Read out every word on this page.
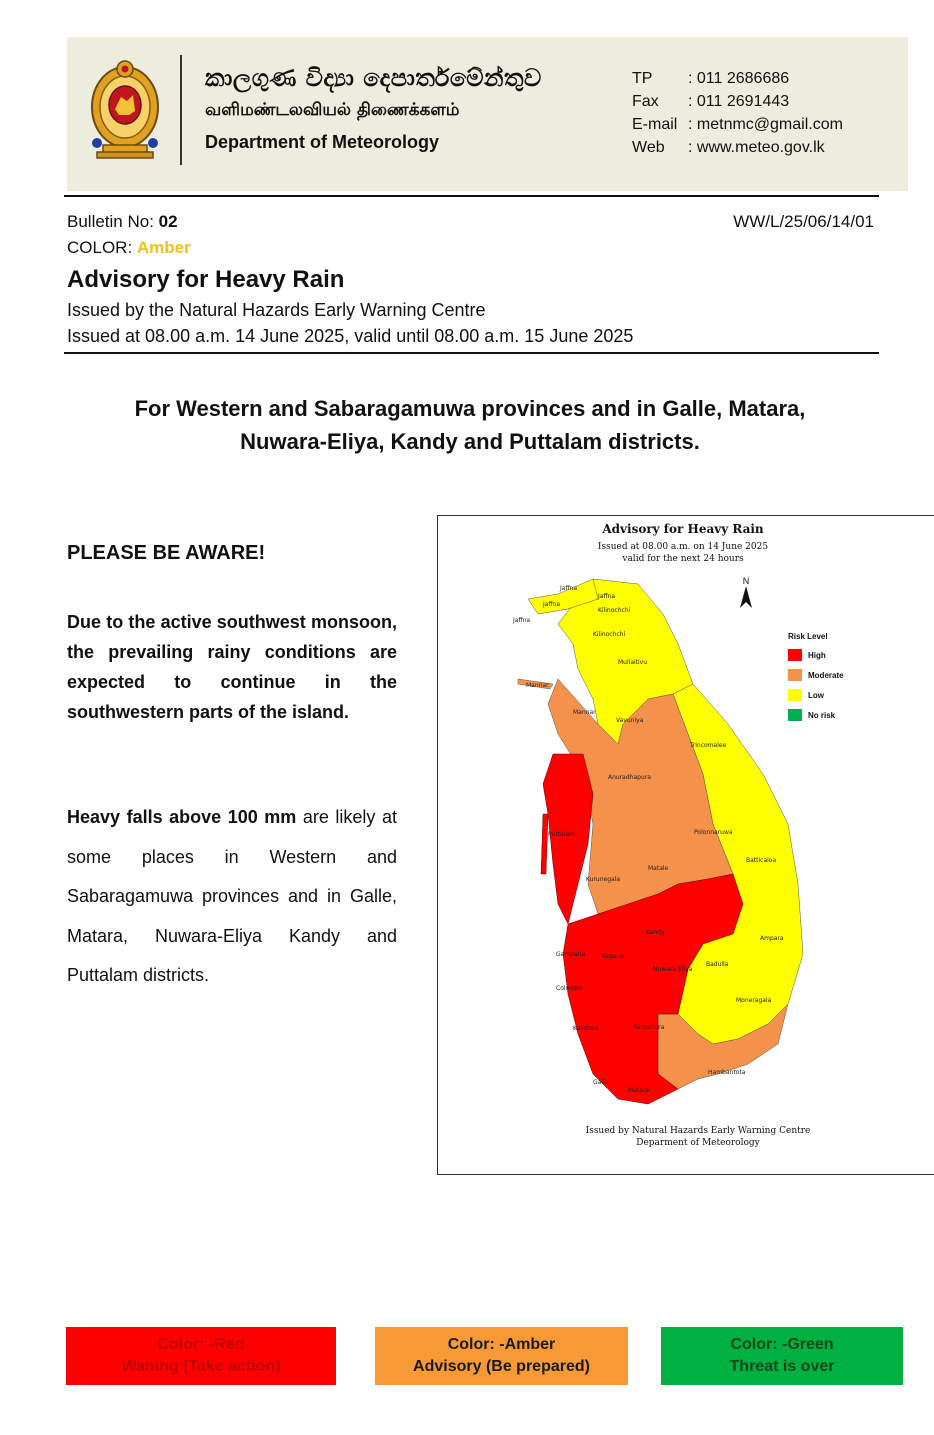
කාලගුණ විද්‍යා දෙපාර්තමේන්තුව
வளிமண்டலவியல் திணைக்களம்
Department of Meteorology
TP	: 011 2686686
Fax	: 011 2691443
E-mail : metnmc@gmail.com
Web	: www.meteo.gov.lk
Bulletin No: 02
COLOR: Amber
WW/L/25/06/14/01
Advisory for Heavy Rain
Issued by the Natural Hazards Early Warning Centre
Issued at 08.00 a.m. 14 June 2025, valid until 08.00 a.m. 15 June 2025
For Western and Sabaragamuwa provinces and in Galle, Matara,
Nuwara-Eliya, Kandy and Puttalam districts.
PLEASE BE AWARE!
Due to the active southwest monsoon, the prevailing rainy conditions are expected to continue in the southwestern parts of the island.
Heavy falls above 100 mm are likely at some places in Western and Sabaragamuwa provinces and in Galle, Matara, Nuwara-Eliya Kandy and Puttalam districts.
Advisory for Heavy Rain
Issued at 08.00 a.m. on 14 June 2025
valid for the next 24 hours
N
Jaffna
Jaffna
Jaffna
Jaffna
Kilinochchi
Kilinochchi
Mannar
Mannar
Mullaitivu
Vavuniya
Trincomalee
Anuradhapura
Puttalam	Polonnaruwa
Batticaloa
Kurunegala
Matale
Kandy
Gampaha	Kegalle
Nuwara Eliya
Ampara
Badulla
Colombo
Moneragala
Kalutara	Ratnapura
Hambantota
Galle
Matara
Risk Level
High
Moderate
Low
No risk
Issued by Natural Hazards Early Warning Centre
Deparment of Meteorology
Color: -Red
Waning (Take action)
Color: -Amber
Advisory (Be prepared)
Color: -Green
Threat is over
